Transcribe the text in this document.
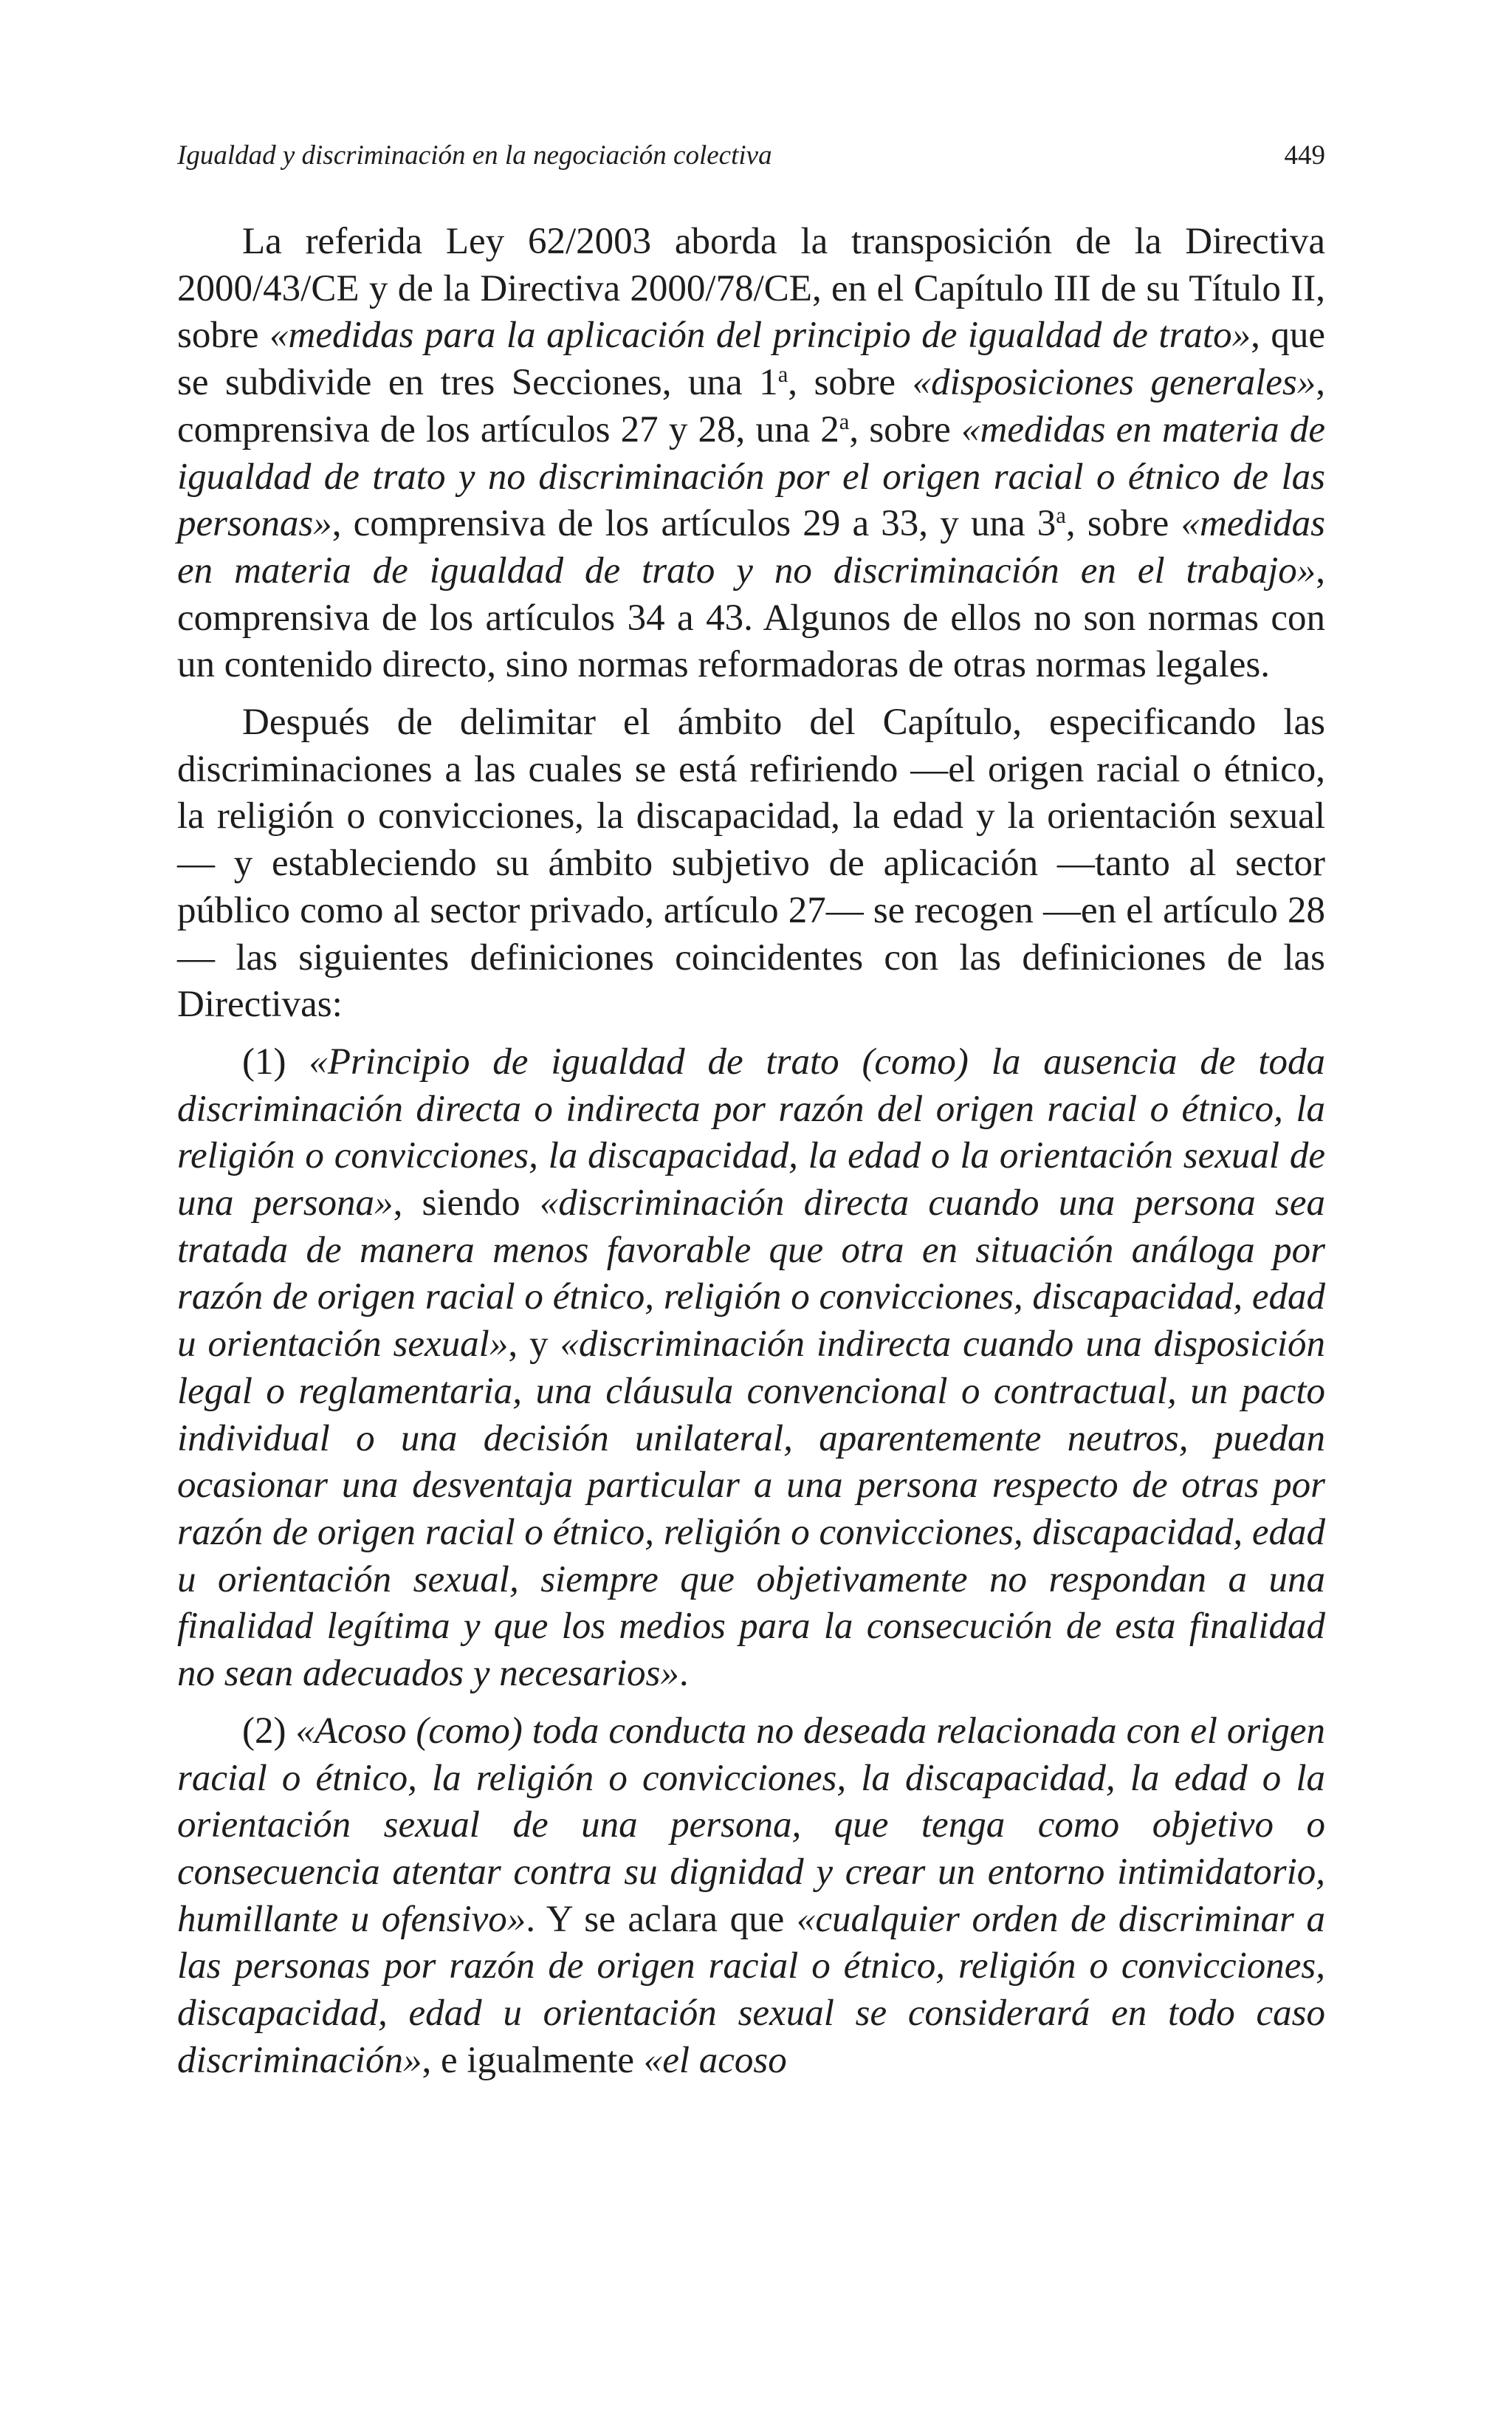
Igualdad y discriminación en la negociación colectiva	449

La referida Ley 62/2003 aborda la transposición de la Directiva 2000/43/CE y de la Directiva 2000/78/CE, en el Capítulo III de su Título II, sobre «medidas para la aplicación del principio de igualdad de trato», que se subdivide en tres Secciones, una 1$^a$, sobre «disposiciones generales», comprensiva de los artículos 27 y 28, una 2$^a$, sobre «medidas en materia de igualdad de trato y no discriminación por el origen racial o étnico de las personas», comprensiva de los artículos 29 a 33, y una 3$^a$, sobre «medidas en materia de igualdad de trato y no discriminación en el trabajo», comprensiva de los artículos 34 a 43. Algunos de ellos no son normas con un contenido directo, sino normas reformadoras de otras normas legales.

Después de delimitar el ámbito del Capítulo, especificando las discriminaciones a las cuales se está refiriendo —el origen racial o étnico, la religión o convicciones, la discapacidad, la edad y la orientación sexual— y estableciendo su ámbito subjetivo de aplicación —tanto al sector público como al sector privado, artículo 27— se recogen —en el artículo 28— las siguientes definiciones coincidentes con las definiciones de las Directivas:

(1) «Principio de igualdad de trato (como) la ausencia de toda discriminación directa o indirecta por razón del origen racial o étnico, la religión o convicciones, la discapacidad, la edad o la orientación sexual de una persona», siendo «discriminación directa cuando una persona sea tratada de manera menos favorable que otra en situación análoga por razón de origen racial o étnico, religión o convicciones, discapacidad, edad u orientación sexual», y «discriminación indirecta cuando una disposición legal o reglamentaria, una cláusula convencional o contractual, un pacto individual o una decisión unilateral, aparentemente neutros, puedan ocasionar una desventaja particular a una persona respecto de otras por razón de origen racial o étnico, religión o convicciones, discapacidad, edad u orientación sexual, siempre que objetivamente no respondan a una finalidad legítima y que los medios para la consecución de esta finalidad no sean adecuados y necesarios».

(2) «Acoso (como) toda conducta no deseada relacionada con el origen racial o étnico, la religión o convicciones, la discapacidad, la edad o la orientación sexual de una persona, que tenga como objetivo o consecuencia atentar contra su dignidad y crear un entorno intimidatorio, humillante u ofensivo». Y se aclara que «cualquier orden de discriminar a las personas por razón de origen racial o étnico, religión o convicciones, discapacidad, edad u orientación sexual se considerará en todo caso discriminación», e igualmente «el acoso
